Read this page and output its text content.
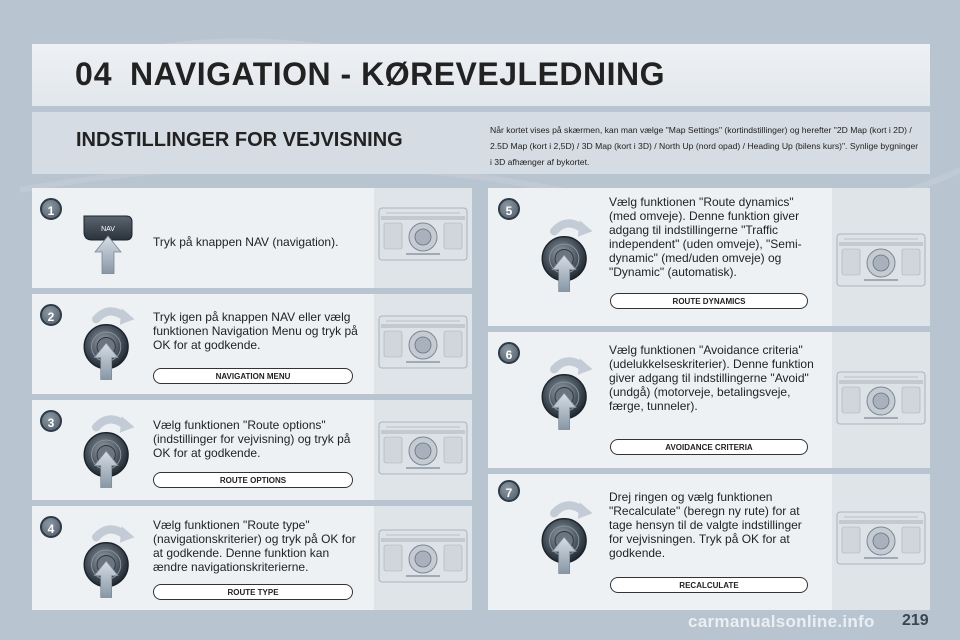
04 NAVIGATION - KØREVEJLEDNING
INDSTILLINGER FOR VEJVISNING	Når kortet vises på skærmen, kan man vælge "Map Settings" (kortindstillinger) og herefter "2D Map (kort i 2D) / 2.5D Map (kort i 2,5D) / 3D Map (kort i 3D) / North Up (nord opad) / Heading Up (bilens kurs)". Synlige bygninger i 3D afhænger af bykortet.
1
NAV
Tryk på knappen NAV (navigation).
2	Tryk igen på knappen NAV eller vælg funktionen Navigation Menu og tryk på OK for at godkende.
NAVIGATION MENU
3	Vælg funktionen "Route options" (indstillinger for vejvisning) og tryk på OK for at godkende.
ROUTE OPTIONS
4	Vælg funktionen "Route type" (navigationskriterier) og tryk på OK for at godkende. Denne funktion kan ændre navigationskriterierne.
ROUTE TYPE
5
Vælg funktionen "Route dynamics" (med omveje). Denne funktion giver adgang til indstillingerne "Traffic independent" (uden omveje), "Semi-dynamic" (med/uden omveje) og "Dynamic" (automatisk).
ROUTE DYNAMICS
6	Vælg funktionen "Avoidance criteria" (udelukkelseskriterier). Denne funktion giver adgang til indstillingerne "Avoid" (undgå) (motorveje, betalingsveje, færge, tunneler).
AVOIDANCE CRITERIA
7	Drej ringen og vælg funktionen "Recalculate" (beregn ny rute) for at tage hensyn til de valgte indstillinger for vejvisningen. Tryk på OK for at godkende.
RECALCULATE
219
carmanualsonline.info
